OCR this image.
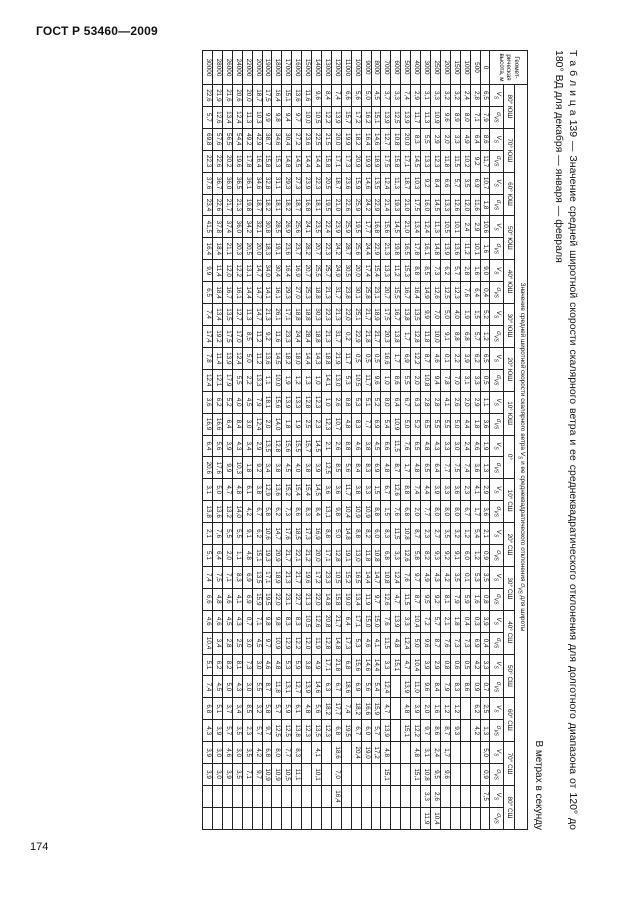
ГОСТ Р 53460—2009
Т а б л и ц а 139 — Значение средней широтной скорости скалярного ветра и ее среднеквадратического отклонения для долготного диапазона от 120° до 180° ВД для декабря — января — февраля
В метрах в секунду
Геомет- рическая высота, м	Значение средней широтной скорости скалярного ветра $V_S$ и ее среднеквадратического отклонения $\sigma_{VS}$ для широты																																	
	80° ЮШ		70° ЮШ		60° ЮШ		50° ЮШ		40° ЮШ		30° ЮШ		20° ЮШ		10° ЮШ		0°		10° СШ		20° СШ		30° СШ		40° СШ		50° СШ		60° СШ		70° СШ		80° СШ	
	$V_S$	$\sigma_{VS}$	$V_S$	$\sigma_{VS}$	$V_S$	$\sigma_{VS}$	$V_S$	$\sigma_{VS}$	$V_S$	$\sigma_{VS}$	$V_S$	$\sigma_{VS}$	$V_S$	$\sigma_{VS}$	$V_S$	$\sigma_{VS}$	$V_S$	$\sigma_{VS}$	$V_S$	$\sigma_{VS}$	$V_S$	$\sigma_{VS}$	$V_S$	$\sigma_{VS}$	$V_S$	$\sigma_{VS}$	$V_S$	$\sigma_{VS}$	$V_S$	$\sigma_{VS}$	$V_S$	$\sigma_{VS}$	$V_S$	$\sigma_{VS}$

0	6,5	7,9	8,6	11,7	10,7	1,8	10,6	1,6	9,0	0,4	5,2	1,2	6,5	0,5	1,1	3,6	1,9	1,3	2,9	3,6	2,1	0,9	3,5	0,8	3,9	0,4	3,3	0,7	2,5	1,3	5,0	0,9	7,5	
500	2,8	7,1	6,4	9,2	6,9	11,6	2,9	10,1	1,6	6,4	1,5	5,7	6,2	3,3	2,9	1,8	4,6	3,6	4,1	1,7	5,4	1,2	5,3	1,6	0,3	6,9	4,2	0,9	6,2	4,2				
1000	2,4	8,0	4,9	10,2	3,5	12,0	2,4	11,2	2,8	7,6	1,9	6,8	3,9	3,1	2,0	4,4	2,4	7,4	2,3	6,7	1,2	6,0	0,1	5,9	0,4	7,3	0,5	8,6						
1500	3,2	8,9	3,3	11,5	5,7	12,6	10,1	13,6	5,7	12,3	4,0	8,8	2,2	7,0	2,6	5,0	3,0	7,5	3,6	8,0	3,2	9,1	3,5	7,9	1,8	7,3	0,6	8,3	1,2	9,3				
2000	3,2	9,6	2,0	11,8	6,6	13,3	10,5	13,9	6,2	12,5	5,0	9,1	0,1	7,8	4,1	5,5	3,3	7,7	3,3	8,0	3,5	9,2	4,2	8,1	2,1	7,6	0,8	7,9	1,2	8,7	1,7	9,6		
2500	3,3	10,9	2,9	12,3	8,4	14,5	11,3	14,8	7,3	12,6	7,0	10,0	4,6	9,4	2,8	5,5	4,3	6,4	3,9	8,0	2,7	9,3	4,3	9,2	5,7	8,7	2,9	8,4	1,6	8,6	2,4	9,5	2,6	10,4
3000	3,1	11,3	5,5	13,3	9,2	16,0	12,4	16,1	8,5	14,9	9,9	11,8	8,7	10,8	2,8	6,5	4,8	6,5	4,4	7,7	2,3	8,2	4,9	9,5	7,2	9,6	3,9	9,6	2,0	9,7	3,1	10,8	3,3	11,9
4000	2,9	11,7	8,3	14,5	10,3	17,5	13,4	17,8	8,8	16,4	13,5	12,8	12,2	2,0	6,3	5,2	6,5	4,8	7,4	2,0	8,7	5,8	9,7	8,7	10,4	5,0	10,4	11,0	3,9	12,2	4,8	15,1		
5000	7,4	13,9	20,0	17,1	18,7	21,0	21,0	16,5	15,3	16,7	13,8	1,7	6,9	5,5	6,7	5,0	7,6	1,7	8,8	6,8	10,8	12,6	7,6	11,5	3,3	12,4	4,7	13,9	4,8	15,1				
6000	3,3	12,5	10,8	15,8	11,3	19,3	14,5	19,8	11,2	15,5	16,7	13,8	1,7	8,6	6,4	10,9	11,5	8,7	12,6	7,6	11,5	3,3	12,4	4,7	13,9	4,8	15,1							
7000	3,7	13,9	12,7	17,5	12,4	21,4	15,6	21,3	13,3	20,7	17,5	20,3	16,6	1,0	8,0	5,4	6,6	4,8	6,7	1,5	8,3	6,8	10,8	12,6	7,6	11,5	3,3	12,4	4,7	13,9	4,8	15,1		
8000	4,5	15,1	14,6	18,9	13,5	22,9	16,8	22,9	15,4	23,1	18,9	21,7	0,5	9,6	5,2	6,9	4,5	6,9	1,5	8,8	6,0	10,8	14,7	9,7	15,0	4,1	14,4	5,4	15,9	5,7	17,2			
9000	5,0	16,2	16,4	19,9	14,6	24,2	17,7	24,4	17,4	25,8	21,7	21,8	0,5	11,7	5,1	7,7	3,8	8,3	3,3	10,9	8,2	11,8	14,4	11,9	15,0	4,6	14,6	5,6	16,6	6,0	19,0			
10000	5,6	17,2	18,2	20,9	15,9	25,9	19,5	25,6	20,0	30,1	25,1	22,9	0,5	10,5	5,3	8,3	4,6	8,4	3,8	10,9	8,8	13,0	16,5	13,4	17,1	5,3	15,6	6,9	18,2	6,7	20,4			
11000	6,6	15,7	19,9	17,3	23,6	22,6	25,9	28,7	30,5	23,8	22,0	0,2	11,7	5,3	8,8	4,8	8,8	5,6	11,7	10,4	14,8	19,1	15,2	19,0	6,4	17,3	6,8	18,6	7,4	19,5				
12000	7,4	13,9	20,0	17,1	18,7	21,0	23,9	24,2	24,9	31,7	21,3	31,7	21,9	13,0	2,6	10,7	2,6	8,5	3,6	9,8	5,0	12,8	10,5	15,8	21,7	14,8	21,8	6,7	17,7	6,8	18,6	7,0	16,4	
13000	8,4	12,2	21,5	15,8	20,5	19,5	22,4	22,3	25,7	21,3	22,3	21,3	18,8	14,1	1,0	12,3	2,1	12,5	3,6	13,1	8,8	17,1	23,3	14,8	20,8	12,8	17,1	6,3	18,2	12,3				
14000	9,6	10,5	22,5	14,4	22,3	18,1	23,5	20,7	25,5	18,8	30,3	18,8	14,3	1,0	12,3	2,3	14,5	3,9	14,5	8,4	16,9	20,0	17,2	22,0	12,6	11,9	4,9	14,6	5,6	13,5	4,1	10,1		
15000	11,6	10,0	23,6	14,4	23,9	16,8	24,1	28,2	20,7	25,3	18,8	28,4	14,4	1,3	12,8	2,5	15,7	3,8	15,4	8,3	17,3	21,2	19,6	21,3	10,5	12,0	3,8	13,9	4,8	12,3				
16000	13,6	9,7	27,2	14,5	27,3	18,7	25,6	23,7	16,9	27,0	18,8	24,4	18,0	1,2	13,3	1,9	15,5	4,0	15,4	8,6	18,5	22,1	21,7	22,7	8,3	12,2	5,9	12,7	6,1	13,8	8,3	11,1		
17000	15,1	9,4	30,4	14,8	29,3	18,2	26,9	23,6	16,4	29,3	17,1	23,3	18,2	1,9	13,9	1,8	15,6	4,5	15,2	7,3	17,6	21,7	21,3	23,1	8,3	12,9	5,3	13,1	5,9	12,5	7,7	10,5		
18000	16,4	9,8	34,6	15,3	31,1	18,1	28,5	19,1	30,4	16,1	26,1	11,6	14,5	10,0	15,6	14,0	12,8	3,8	13,6	6,2	14,7	20,9	18,9	22,0	9,8	10,9	4,8	11,8	5,7	12,5	8,0	10,9		
19000	17,5	9,9	38,7	15,8	32,8	18,2	30,8	18,3	34,0	14,1	21,3	9,2	13,6	1,1	18,1	2,0	13,5	3,4	12,9	5,8	10,6	19,3	17,1	19,5	9,8	9,7	4,6	8,7	5,8	9,7	6,8	10,9		
20000	18,7	10,3	42,9	16,4	34,6	18,7	32,1	20,0	14,7	14,7	14,7	11,2	11,2	13,3	7,9	12,4	2,9	9,2	3,8	6,7	6,2	15,1	13,5	15,9	7,1	4,5	3,0	5,5	3,2	5,7	4,2	9,7		
22000	20,0	11,3	49,2	17,8	36,1	19,8	34,2	20,5	13,1	14,4	11,3	8,5	5,0	2,2	4,5	3,0	3,4	1,8	6,1	4,2	9,1	4,8	6,9	6,9	0,7	3,0	7,3	3,0	8,5	2,3	3,5	7,1		
24000	20,6	12,4	54,4	19,6	36,5	21,3	36,0	20,3	12,2	16,1	12,7	17,0	12,4	5,5	4,0	8,4	4,3	10,3	4,8	14,0	5,5	1,1	8,3	4,1	4,3	2,5	8,1	4,3	3,4	3,5	3,0	3,5		
26000	21,6	13,4	56,5	20,2	36,0	21,7	37,4	21,1	12,0	16,7	13,5	17,5	13,9	17,9	5,2	6,4	3,9	9,9	4,7	13,2	5,5	2,0	7,1	4,6	4,5	2,8	8,2	5,0	3,7	5,7	4,6	3,9		
28000	21,9	12,6	57,6	22,6	36,7	22,6	37,8	18,4	11,4	18,4	13,4	19,2	11,4	12,1	6,2	16,6	5,6	17,6	5,0	13,6	7,6	6,4	7,5	4,8	4,6	3,4	6,2	4,5	5,1	3,9	3,0	3,0		
30000	22,6	5,7	69,8	22,3	37,6	23,4	41,5	16,4	9,9	6,5	7,4	17,4	7,8	12,4	3,6	16,9	6,4	20,6	3,1	13,8	2,1	5,1	7,4	6,6	4,6	10,4	5,1	7,4	6,8	4,3	3,9	3,9		
174
